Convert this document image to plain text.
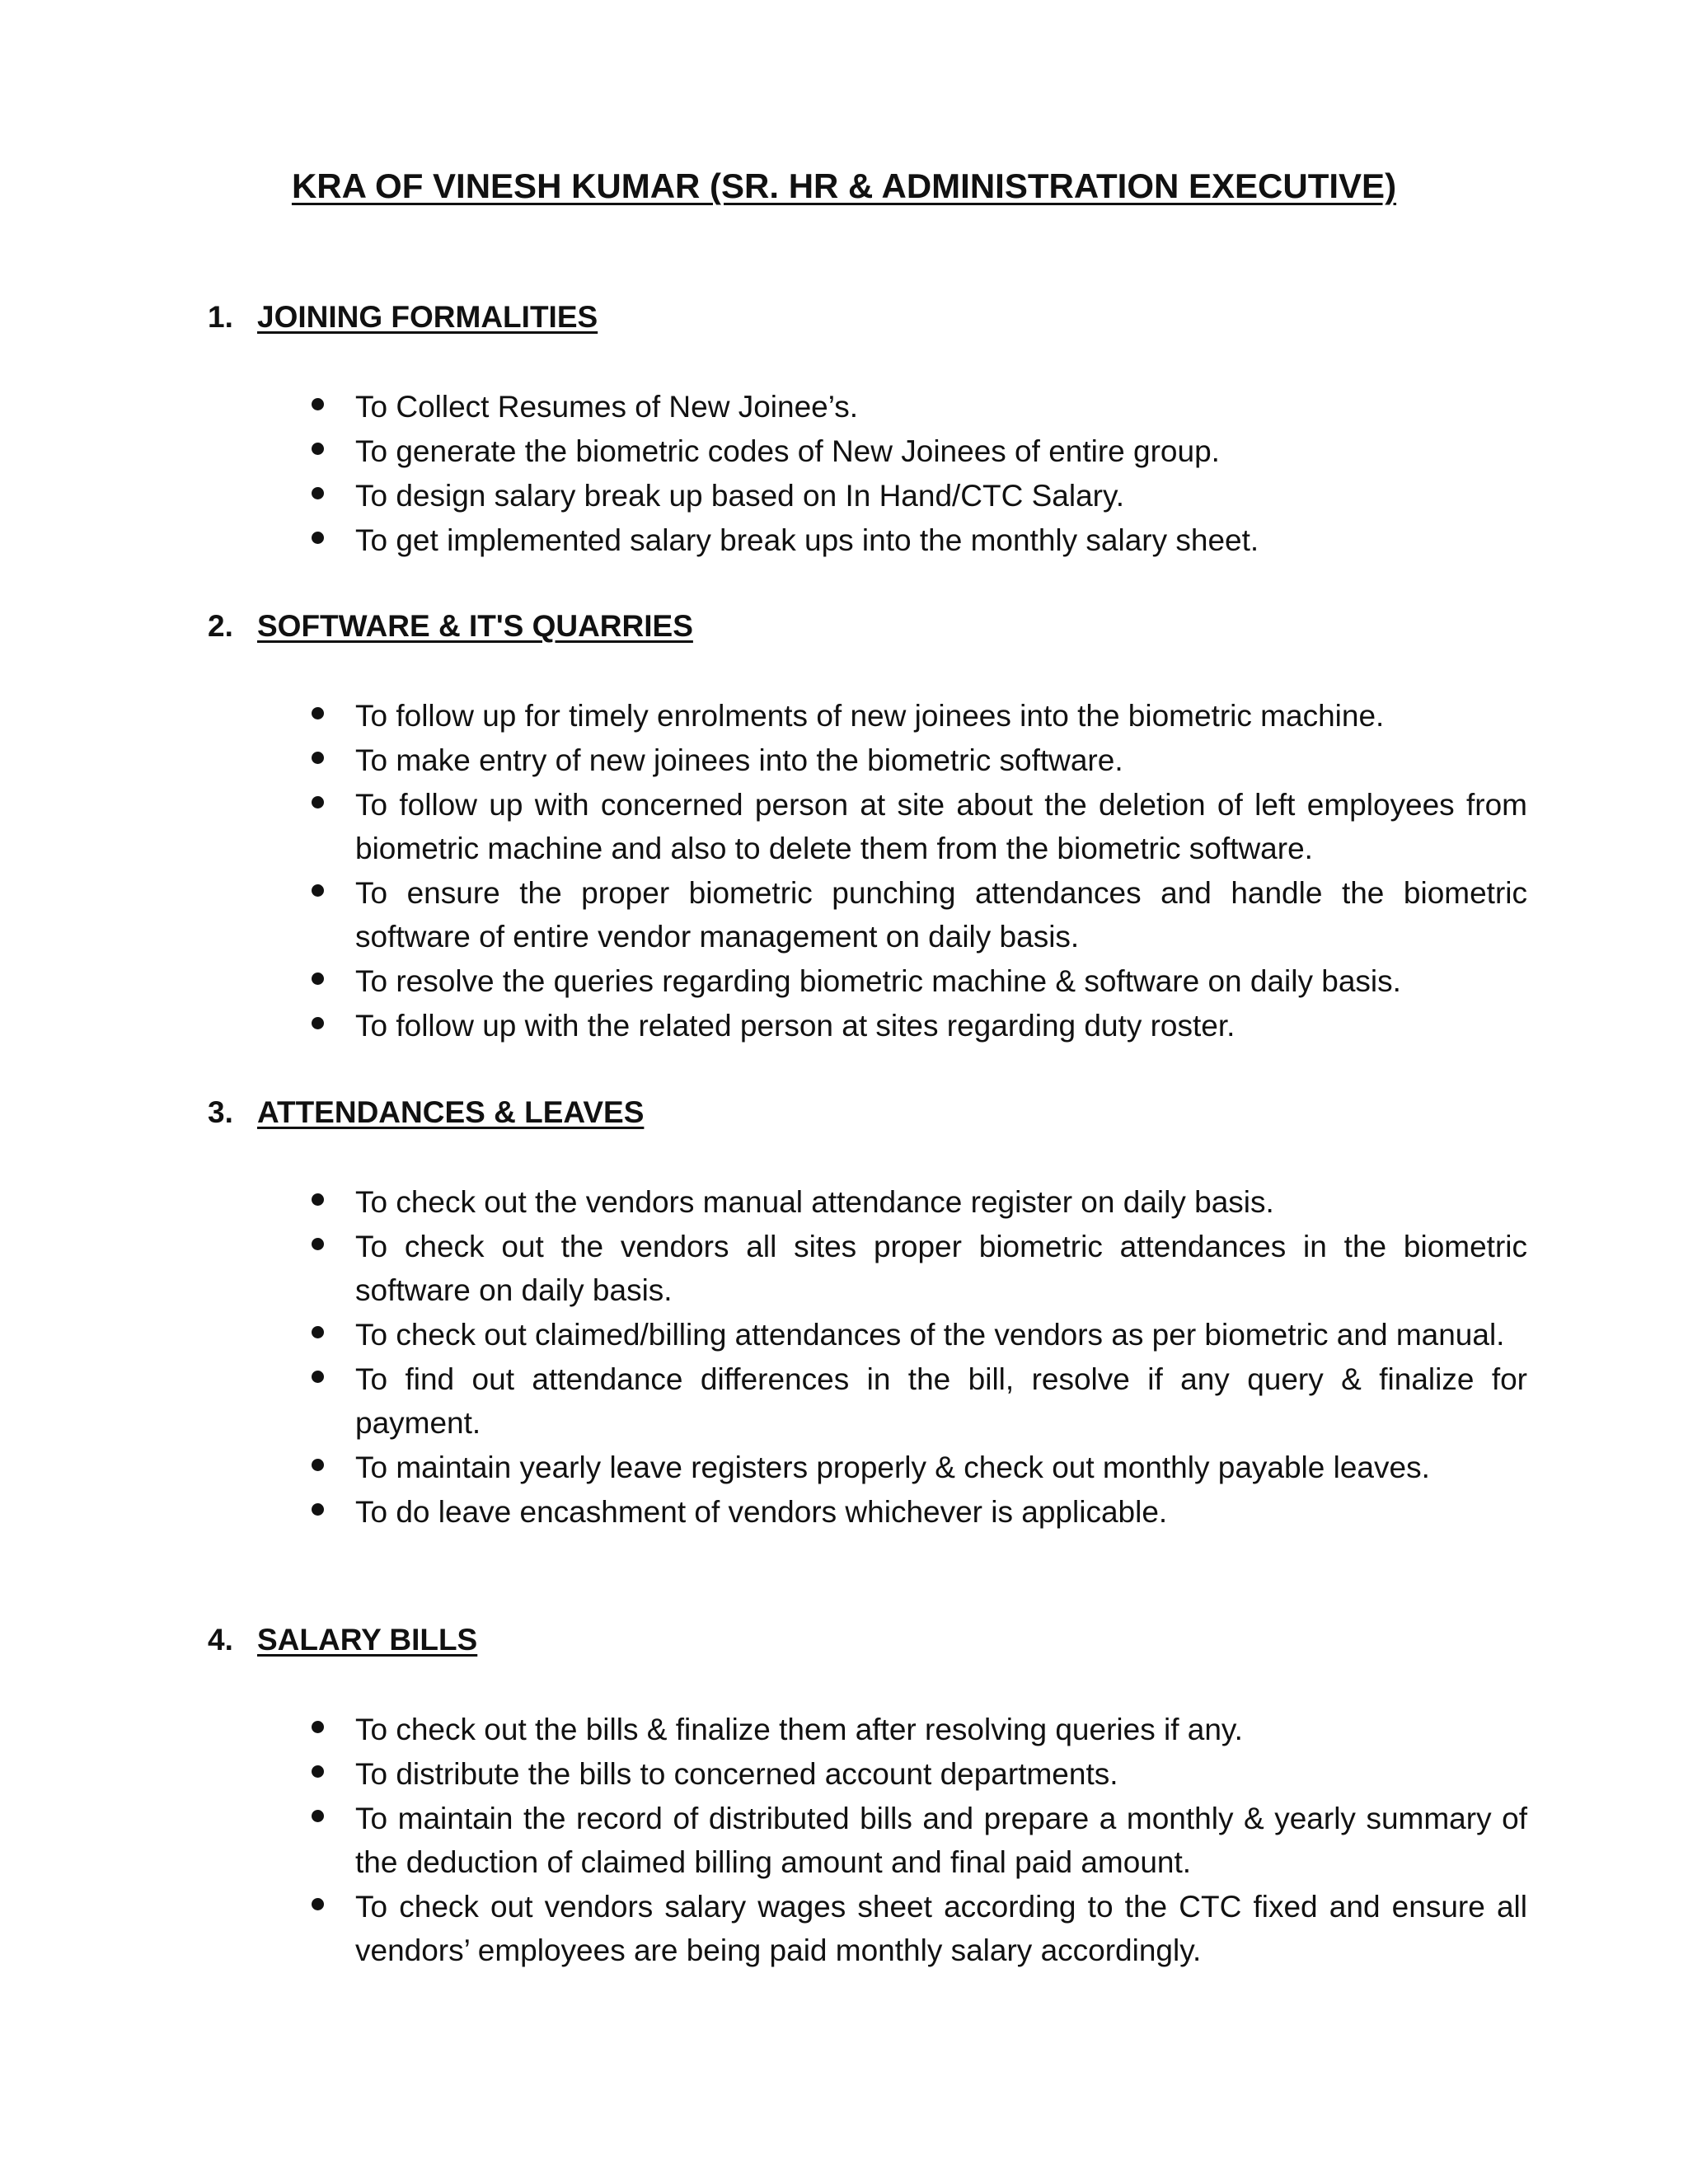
KRA OF VINESH KUMAR (SR. HR & ADMINISTRATION EXECUTIVE)
1. JOINING FORMALITIES
To Collect Resumes of New Joinee’s.
To generate the biometric codes of New Joinees of entire group.
To design salary break up based on In Hand/CTC Salary.
To get implemented salary break ups into the monthly salary sheet.
2. SOFTWARE & IT'S QUARRIES
To follow up for timely enrolments of new joinees into the biometric machine.
To make entry of new joinees into the biometric software.
To follow up with concerned person at site about the deletion of left employees from biometric machine and also to delete them from the biometric software.
To ensure the proper biometric punching attendances and handle the biometric software of entire vendor management on daily basis.
To resolve the queries regarding biometric machine & software on daily basis.
To follow up with the related person at sites regarding duty roster.
3. ATTENDANCES & LEAVES
To check out the vendors manual attendance register on daily basis.
To check out the vendors all sites proper biometric attendances in the biometric software on daily basis.
To check out claimed/billing attendances of the vendors as per biometric and manual.
To find out attendance differences in the bill, resolve if any query & finalize for payment.
To maintain yearly leave registers properly & check out monthly payable leaves.
To do leave encashment of vendors whichever is applicable.
4. SALARY BILLS
To check out the bills & finalize them after resolving queries if any.
To distribute the bills to concerned account departments.
To maintain the record of distributed bills and prepare a monthly & yearly summary of the deduction of claimed billing amount and final paid amount.
To check out vendors salary wages sheet according to the CTC fixed and ensure all vendors’ employees are being paid monthly salary accordingly.
